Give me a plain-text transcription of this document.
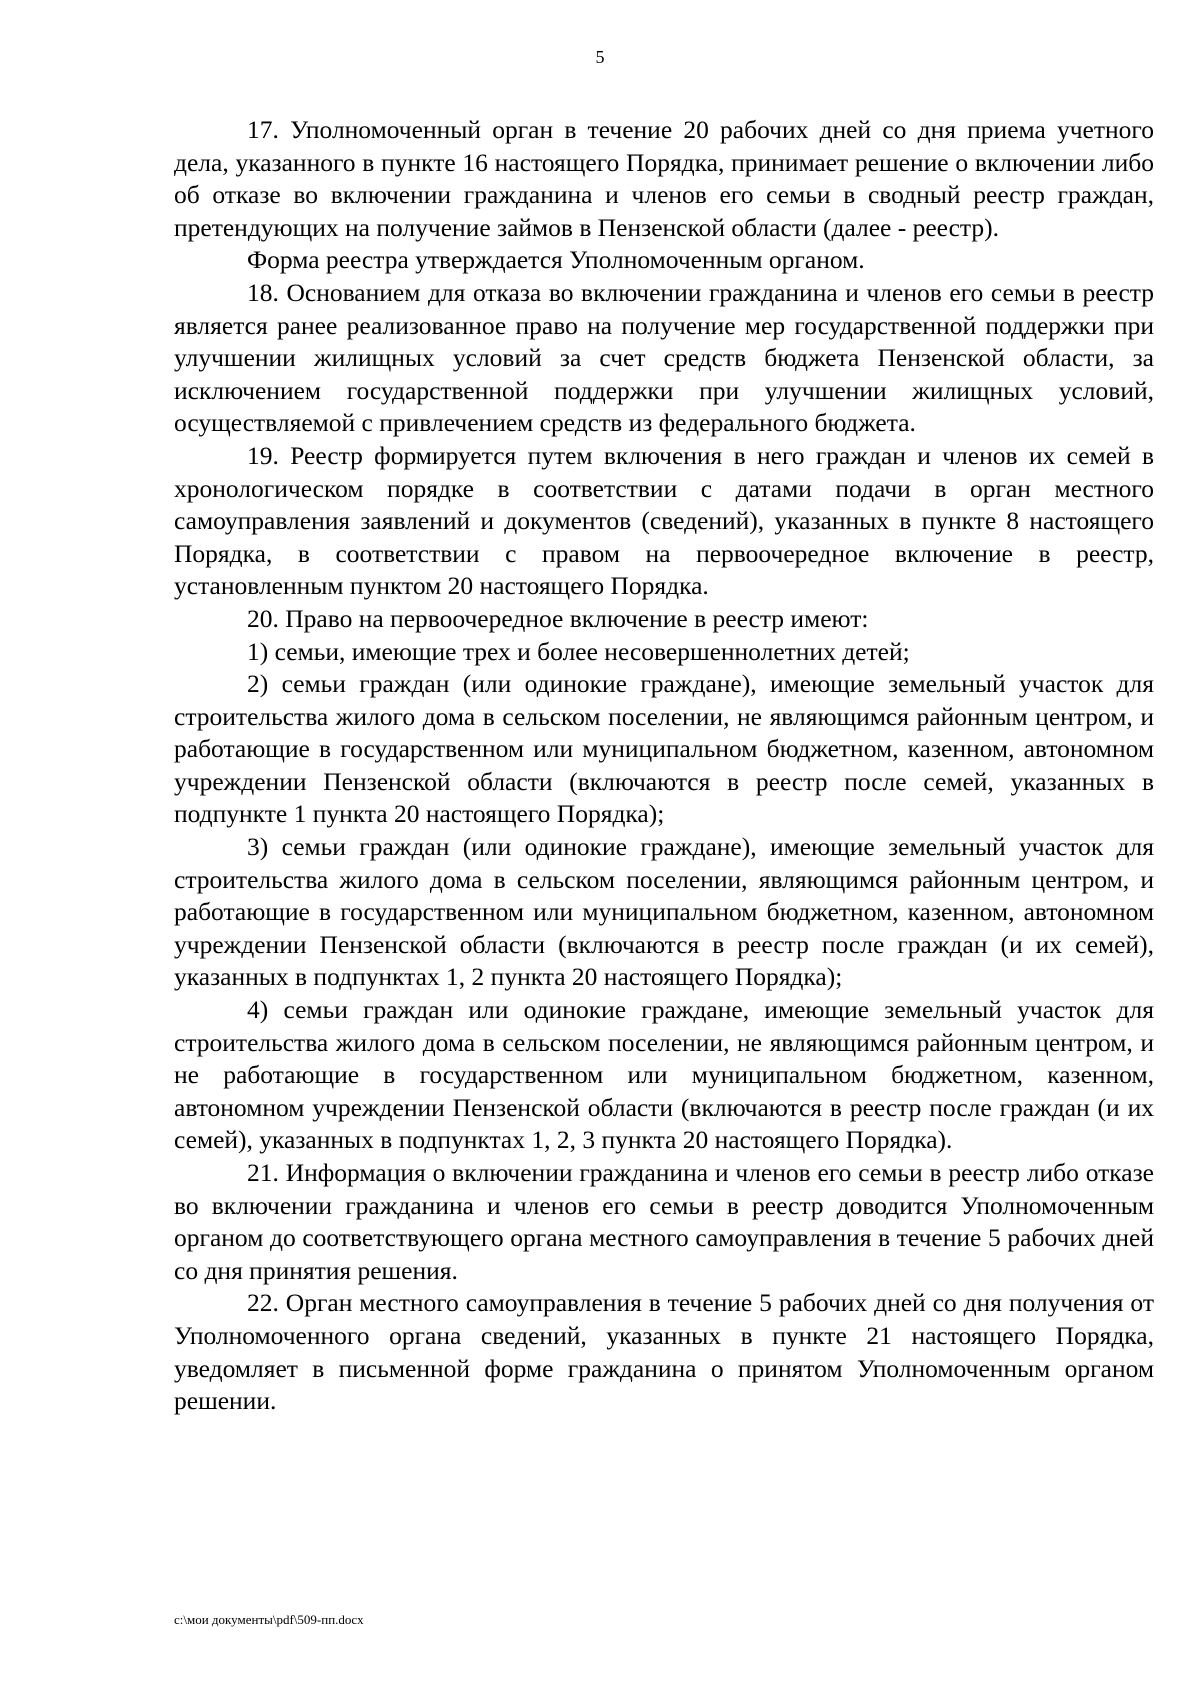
5

17. Уполномоченный орган в течение 20 рабочих дней со дня приема учетного дела, указанного в пункте 16 настоящего Порядка, принимает решение о включении либо об отказе во включении гражданина и членов его семьи в сводный реестр граждан, претендующих на получение займов в Пензенской области (далее - реестр).

Форма реестра утверждается Уполномоченным органом.

18. Основанием для отказа во включении гражданина и членов его семьи в реестр является ранее реализованное право на получение мер государственной поддержки при улучшении жилищных условий за счет средств бюджета Пензенской области, за исключением государственной поддержки при улучшении жилищных условий, осуществляемой с привлечением средств из федерального бюджета.

19. Реестр формируется путем включения в него граждан и членов их семей в хронологическом порядке в соответствии с датами подачи в орган местного самоуправления заявлений и документов (сведений), указанных в пункте 8 настоящего Порядка, в соответствии с правом на первоочередное включение в реестр, установленным пунктом 20 настоящего Порядка.

20. Право на первоочередное включение в реестр имеют:

1) семьи, имеющие трех и более несовершеннолетних детей;

2) семьи граждан (или одинокие граждане), имеющие земельный участок для строительства жилого дома в сельском поселении, не являющимся районным центром, и работающие в государственном или муниципальном бюджетном, казенном, автономном учреждении Пензенской области (включаются в реестр после семей, указанных в подпункте 1 пункта 20 настоящего Порядка);

3) семьи граждан (или одинокие граждане), имеющие земельный участок для строительства жилого дома в сельском поселении, являющимся районным центром, и работающие в государственном или муниципальном бюджетном, казенном, автономном учреждении Пензенской области (включаются в реестр после граждан (и их семей), указанных в подпунктах 1, 2 пункта 20 настоящего Порядка);

4) семьи граждан или одинокие граждане, имеющие земельный участок для строительства жилого дома в сельском поселении, не являющимся районным центром, и не работающие в государственном или муниципальном бюджетном, казенном, автономном учреждении Пензенской области (включаются в реестр после граждан (и их семей), указанных в подпунктах 1, 2, 3 пункта 20 настоящего Порядка).

21. Информация о включении гражданина и членов его семьи в реестр либо отказе во включении гражданина и членов его семьи в реестр доводится Уполномоченным органом до соответствующего органа местного самоуправления в течение 5 рабочих дней со дня принятия решения.

22. Орган местного самоуправления в течение 5 рабочих дней со дня получения от Уполномоченного органа сведений, указанных в пункте 21 настоящего Порядка, уведомляет в письменной форме гражданина о принятом Уполномоченным органом решении.

c:\мои документы\pdf\509-пп.docx
